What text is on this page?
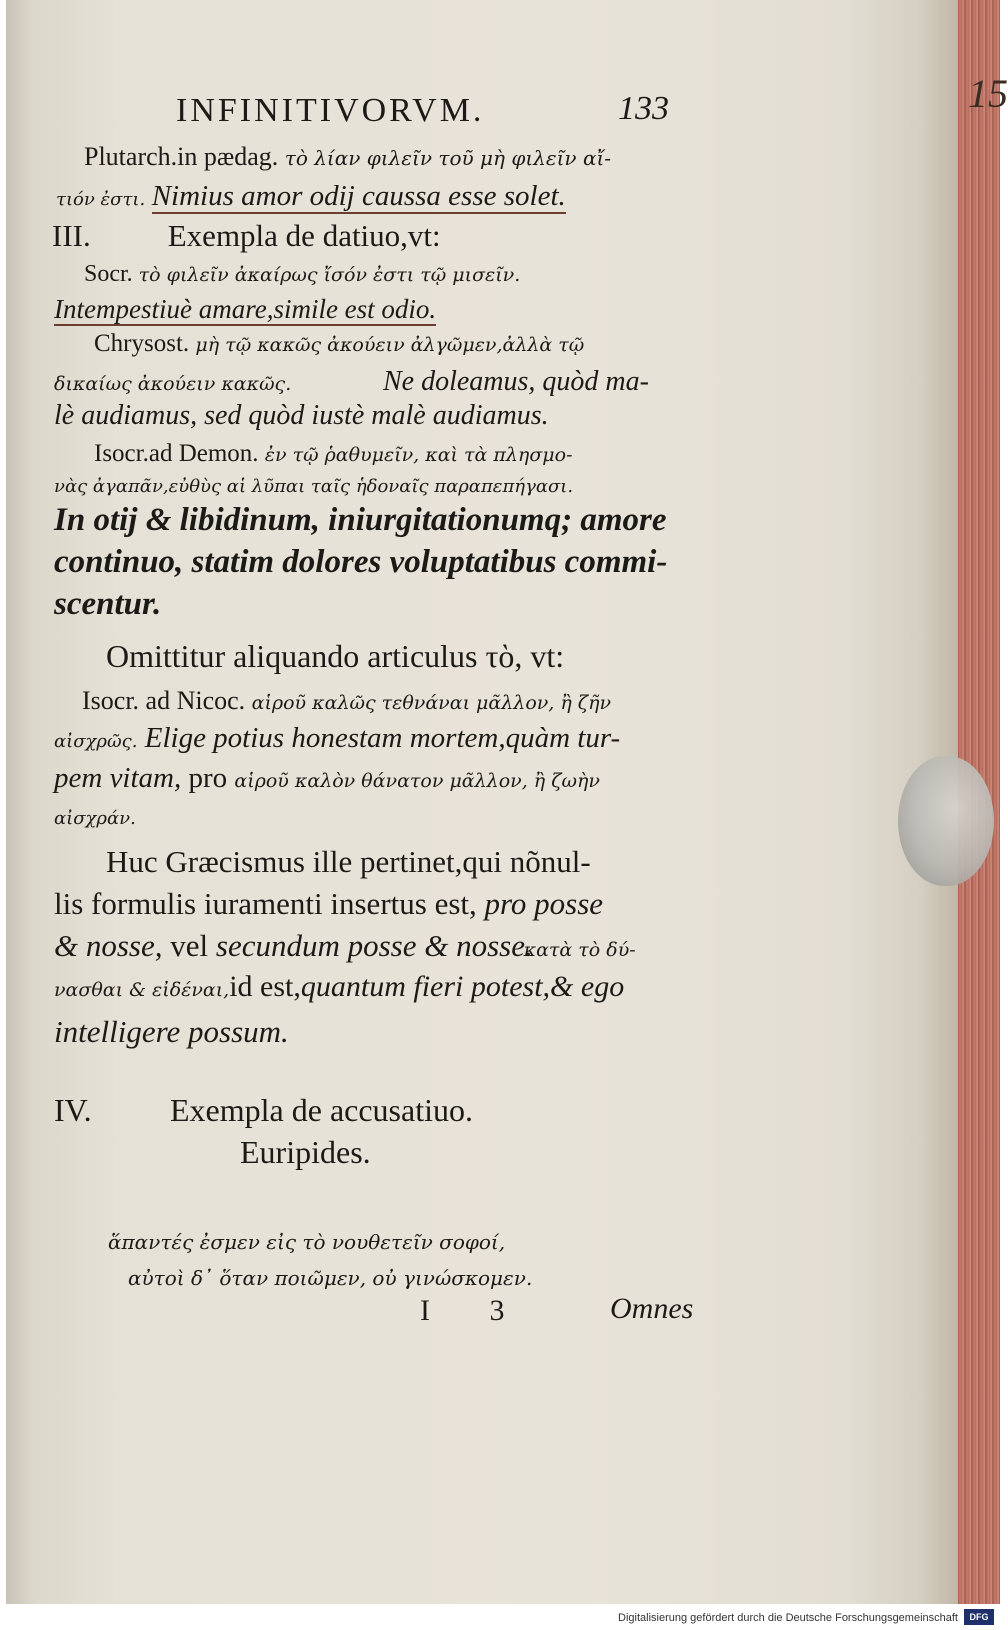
INFINITIVORVM.	133
Plutarch.in pædag. τὸ λίαν φιλεῖν τοῦ μὴ φιλεῖν αἴ-
τιόν ἐστι. Nimius amor odij caussa esse solet.
III. Exempla de datiuo,vt:
Socr. τὸ φιλεῖν ἀκαίρως ἴσόν ἐστι τῷ μισεῖν.
Intempestiuè amare,simile est odio.
Chrysost. μὴ τῷ κακῶς ἀκούειν ἀλγῶμεν,ἀλλὰ τῷ
δικαίως ἀκούειν κακῶς.	Ne doleamus, quòd ma-
lè audiamus, sed quòd iustè malè audiamus.
Isocr.ad Demon. ἐν τῷ ῥαθυμεῖν, καὶ τὰ πλησμο-
νὰς ἀγαπᾶν,εὐθὺς αἱ λῦπαι ταῖς ἡδοναῖς παραπεπήγασι.
In otij & libidinum, iniurgitationumq; amore
continuo, statim dolores voluptatibus commi-
scentur.
Omittitur aliquando articulus τὸ, vt:
Isocr. ad Nicoc. αἱροῦ καλῶς τεθνάναι μᾶλλον, ἢ ζῆν
αἰσχρῶς. Elige potius honestam mortem,quàm tur-
pem vitam, pro αἱροῦ καλὸν θάνατον μᾶλλον, ἢ ζωὴν
αἰσχράν.
Huc Græcismus ille pertinet,qui nõnul-
lis formulis iuramenti insertus est, pro posse
& nosse, vel secundum posse & nosse. κατὰ τὸ δύ-
νασθαι & εἰδέναι,id est,quantum fieri potest,& ego
intelligere possum.
IV. Exempla de accusatiuo.
Euripides.
ἅπαντές ἐσμεν εἰς τὸ νουθετεῖν σοφοί,
αὐτοὶ δ᾽ ὅταν ποιῶμεν, οὐ γινώσκομεν.
I 3	Omnes
15
Digitalisierung gefördert durch die Deutsche Forschungsgemeinschaft	DFG
